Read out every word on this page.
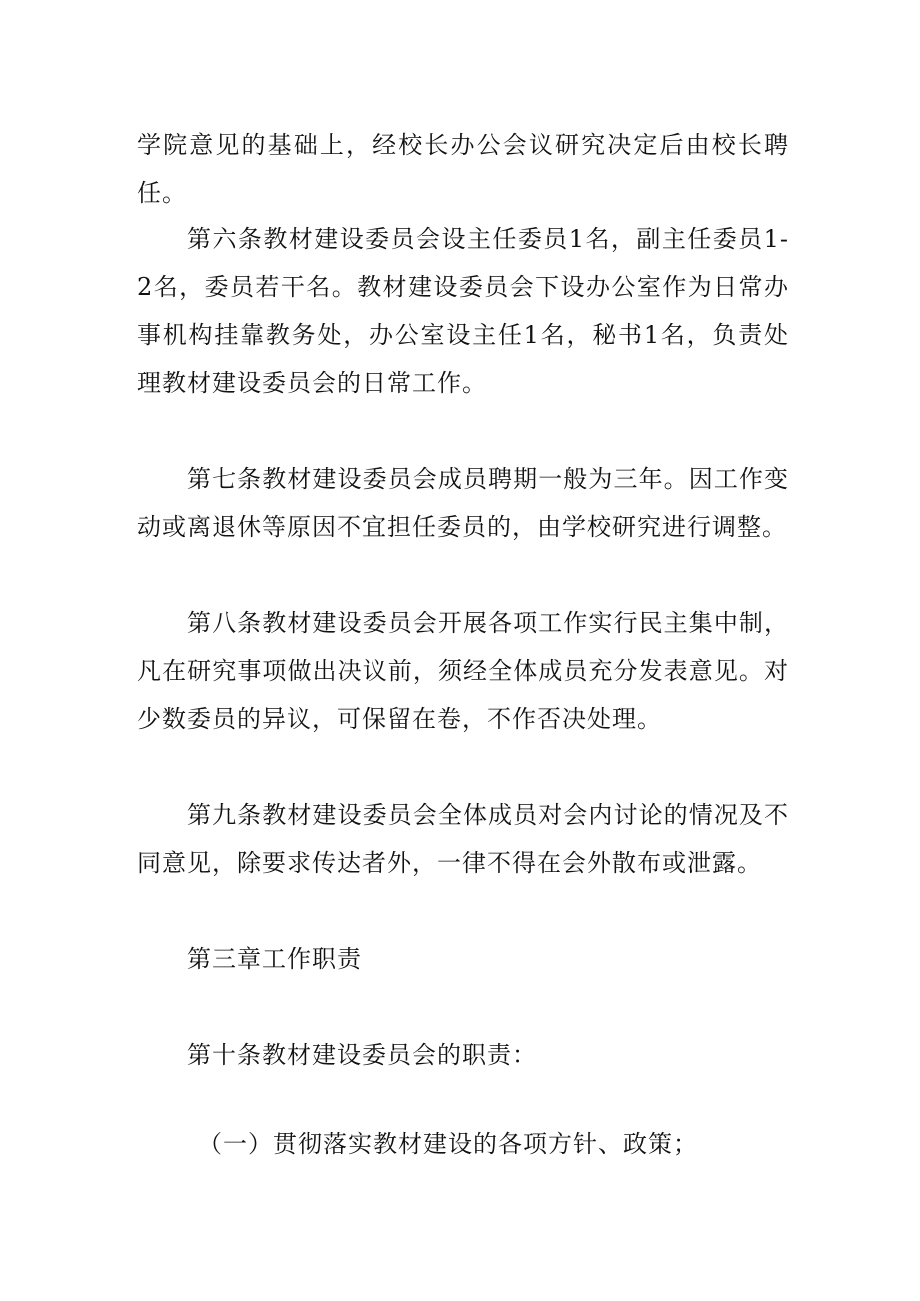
学院意见的基础上，经校长办公会议研究决定后由校长聘任。

第六条教材建设委员会设主任委员1名，副主任委员1-2名，委员若干名。教材建设委员会下设办公室作为日常办事机构挂靠教务处，办公室设主任1名，秘书1名，负责处理教材建设委员会的日常工作。

第七条教材建设委员会成员聘期一般为三年。因工作变动或离退休等原因不宜担任委员的，由学校研究进行调整。

第八条教材建设委员会开展各项工作实行民主集中制，凡在研究事项做出决议前，须经全体成员充分发表意见。对少数委员的异议，可保留在卷，不作否决处理。

第九条教材建设委员会全体成员对会内讨论的情况及不同意见，除要求传达者外，一律不得在会外散布或泄露。

第三章工作职责

第十条教材建设委员会的职责：

（一）贯彻落实教材建设的各项方针、政策；
